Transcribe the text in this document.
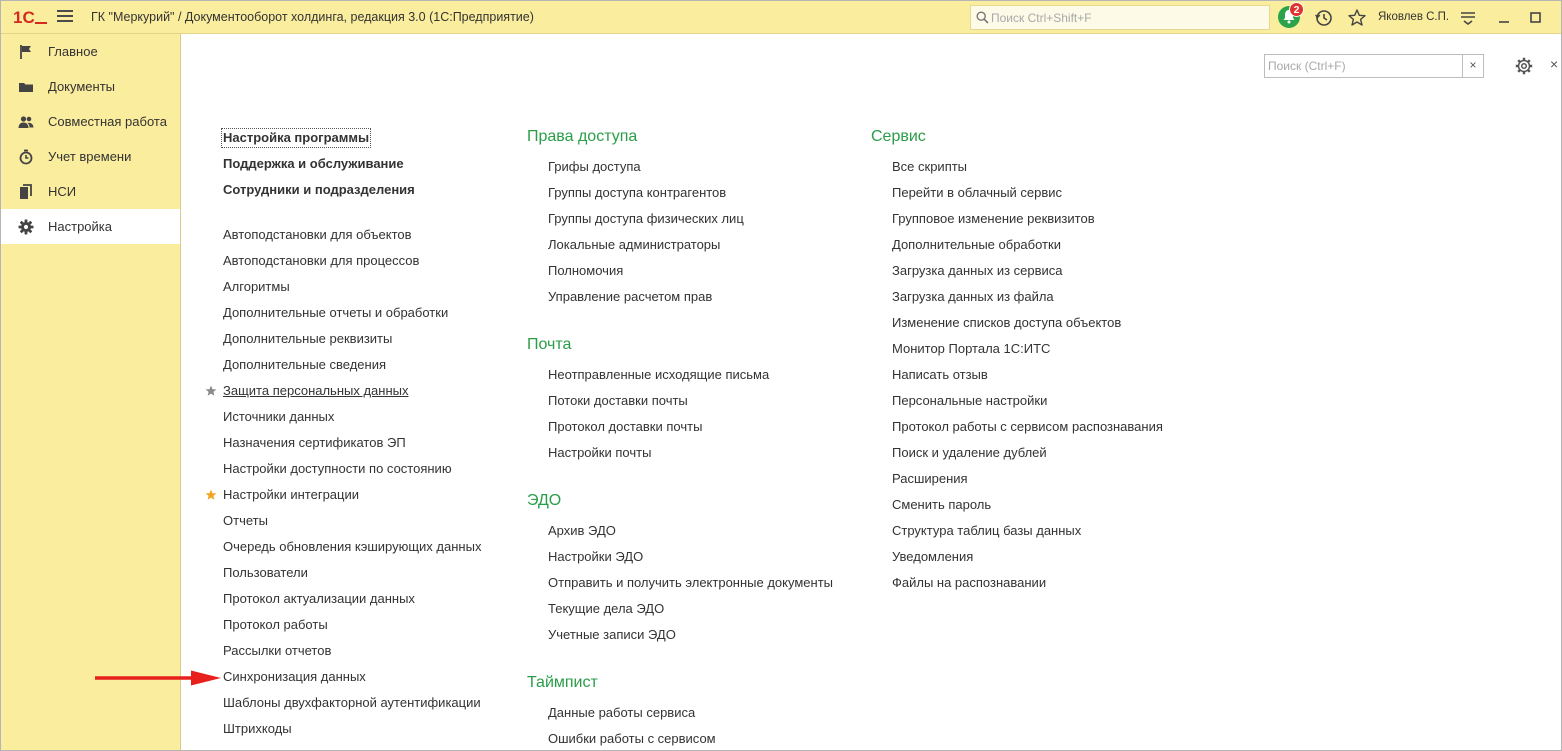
1С	ГК "Меркурий" / Документооборот холдинга, редакция 3.0 (1С:Предприятие)
Поиск Ctrl+Shift+F	2
Яковлев С.П.
Главное
Документы
Совместная работа
Учет времени
НСИ
Настройка
Поиск (Ctrl+F)
×	×
Настройка программы
Поддержка и обслуживание
Сотрудники и подразделения
Автоподстановки для объектов
Автоподстановки для процессов
Алгоритмы
Дополнительные отчеты и обработки
Дополнительные реквизиты
Дополнительные сведения
Защита персональных данных
Источники данных
Назначения сертификатов ЭП
Настройки доступности по состоянию
Настройки интеграции
Отчеты
Очередь обновления кэширующих данных
Пользователи
Протокол актуализации данных
Протокол работы
Рассылки отчетов
Синхронизация данных
Шаблоны двухфакторной аутентификации
Штрихкоды
Права доступа
Грифы доступа
Группы доступа контрагентов
Группы доступа физических лиц
Локальные администраторы
Полномочия
Управление расчетом прав
Почта
Неотправленные исходящие письма
Потоки доставки почты
Протокол доставки почты
Настройки почты
ЭДО
Архив ЭДО
Настройки ЭДО
Отправить и получить электронные документы
Текущие дела ЭДО
Учетные записи ЭДО
Таймпист
Данные работы сервиса
Ошибки работы с сервисом
Сервис
Все скрипты
Перейти в облачный сервис
Групповое изменение реквизитов
Дополнительные обработки
Загрузка данных из сервиса
Загрузка данных из файла
Изменение списков доступа объектов
Монитор Портала 1С:ИТС
Написать отзыв
Персональные настройки
Протокол работы с сервисом распознавания
Поиск и удаление дублей
Расширения
Сменить пароль
Структура таблиц базы данных
Уведомления
Файлы на распознавании
